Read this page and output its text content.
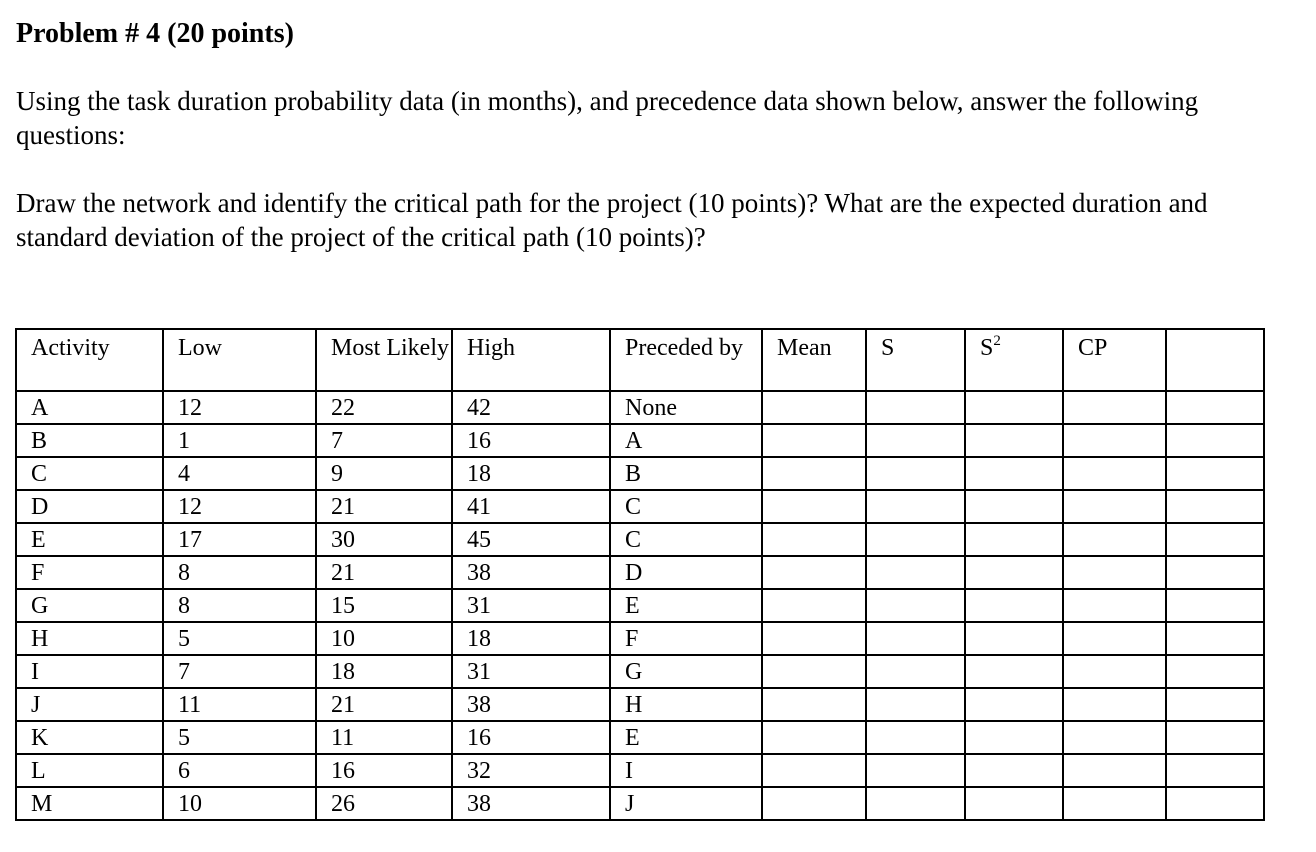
Problem # 4 (20 points)
Using the task duration probability data (in months), and precedence data shown below, answer the following questions:
Draw the network and identify the critical path for the project (10 points)? What are the expected duration and standard deviation of the project of the critical path (10 points)?
Activity	Low	Most Likely	High	Preceded by	Mean	S	$S^2$	CP	
A	12	22	42	None					
B	1	7	16	A					
C	4	9	18	B					
D	12	21	41	C					
E	17	30	45	C					
F	8	21	38	D					
G	8	15	31	E					
H	5	10	18	F					
I	7	18	31	G					
J	11	21	38	H					
K	5	11	16	E					
L	6	16	32	I					
M	10	26	38	J					
